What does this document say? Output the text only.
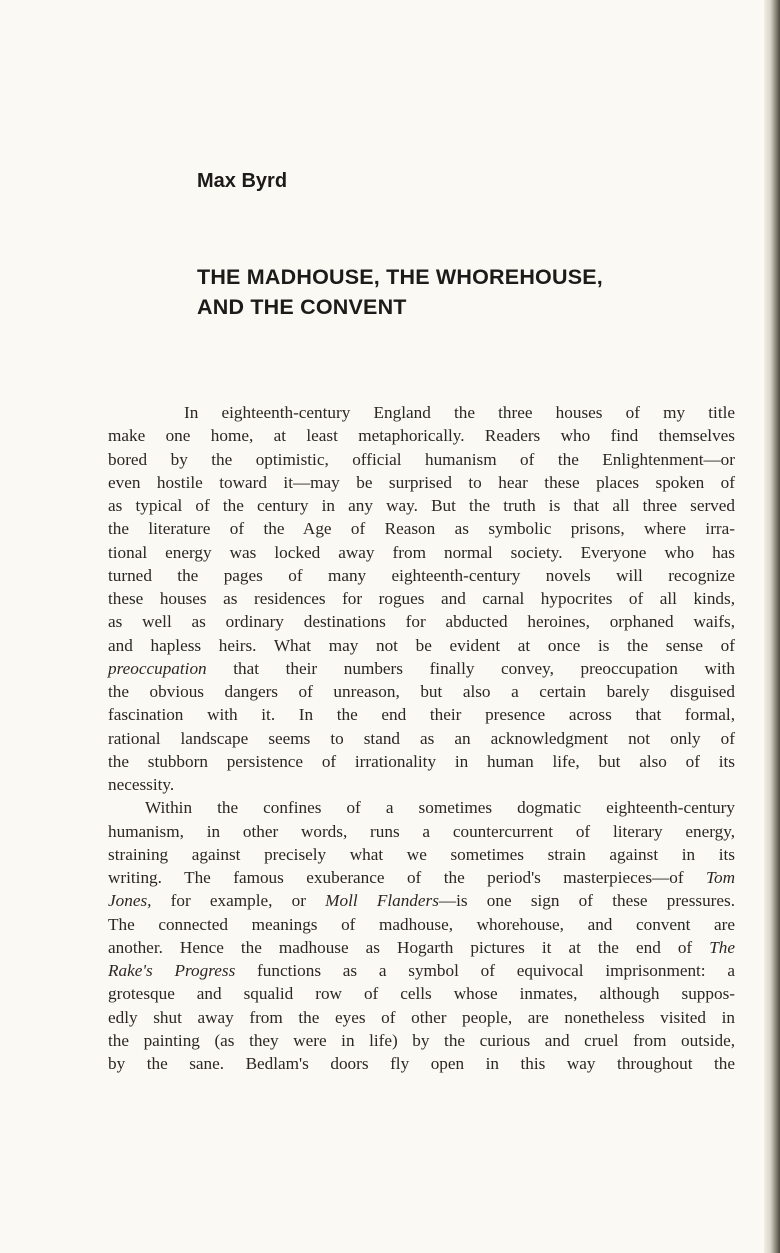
Max Byrd
THE MADHOUSE, THE WHOREHOUSE,
AND THE CONVENT
In eighteenth-century England the three houses of my title
make one home, at least metaphorically. Readers who find themselves
bored by the optimistic, official humanism of the Enlightenment—or
even hostile toward it—may be surprised to hear these places spoken of
as typical of the century in any way. But the truth is that all three served
the literature of the Age of Reason as symbolic prisons, where irra-
tional energy was locked away from normal society. Everyone who has
turned the pages of many eighteenth-century novels will recognize
these houses as residences for rogues and carnal hypocrites of all kinds,
as well as ordinary destinations for abducted heroines, orphaned waifs,
and hapless heirs. What may not be evident at once is the sense of
preoccupation that their numbers finally convey, preoccupation with
the obvious dangers of unreason, but also a certain barely disguised
fascination with it. In the end their presence across that formal,
rational landscape seems to stand as an acknowledgment not only of
the stubborn persistence of irrationality in human life, but also of its
necessity.
Within the confines of a sometimes dogmatic eighteenth-century
humanism, in other words, runs a countercurrent of literary energy,
straining against precisely what we sometimes strain against in its
writing. The famous exuberance of the period's masterpieces—of Tom
Jones, for example, or Moll Flanders—is one sign of these pressures.
The connected meanings of madhouse, whorehouse, and convent are
another. Hence the madhouse as Hogarth pictures it at the end of The
Rake's Progress functions as a symbol of equivocal imprisonment: a
grotesque and squalid row of cells whose inmates, although suppos-
edly shut away from the eyes of other people, are nonetheless visited in
the painting (as they were in life) by the curious and cruel from outside,
by the sane. Bedlam's doors fly open in this way throughout the
